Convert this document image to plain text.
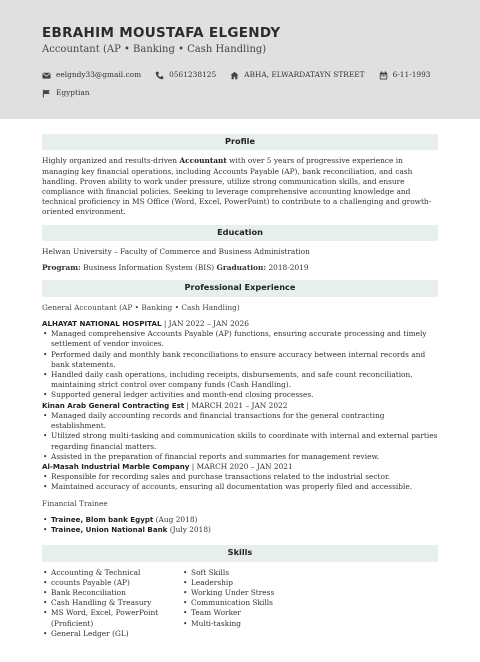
EBRAHIM MOUSTAFA ELGENDY
Accountant (AP • Banking • Cash Handling)
eelgndy33@gmail.com	0561238125	ABHA, ELWARDATAYN STREET	6-11-1993
Egyptian
Profile

Highly organized and results-driven Accountant with over 5 years of progressive experience in managing key financial operations, including Accounts Payable (AP), bank reconciliation, and cash handling. Proven ability to work under pressure, utilize strong communication skills, and ensure compliance with financial policies. Seeking to leverage comprehensive accounting knowledge and technical proficiency in MS Office (Word, Excel, PowerPoint) to contribute to a challenging and growth-oriented environment.

Education

Helwan University – Faculty of Commerce and Business Administration

Program: Business Information System (BIS) Graduation: 2018-2019

Professional Experience

General Accountant (AP • Banking • Cash Handling)

ALHAYAT NATIONAL HOSPITAL | JAN 2022 – JAN 2026
• Managed comprehensive Accounts Payable (AP) functions, ensuring accurate processing and timely settlement of vendor invoices.
• Performed daily and monthly bank reconciliations to ensure accuracy between internal records and bank statements.
• Handled daily cash operations, including receipts, disbursements, and safe count reconciliation, maintaining strict control over company funds (Cash Handling).
• Supported general ledger activities and month-end closing processes.
Kinan Arab General Contracting Est | MARCH 2021 – JAN 2022
• Managed daily accounting records and financial transactions for the general contracting establishment.
• Utilized strong multi-tasking and communication skills to coordinate with internal and external parties regarding financial matters.
• Assisted in the preparation of financial reports and summaries for management review.
Al-Masah Industrial Marble Company | MARCH 2020 – JAN 2021
• Responsible for recording sales and purchase transactions related to the industrial sector.
• Maintained accuracy of accounts, ensuring all documentation was properly filed and accessible.

Financial Trainee

• Trainee, Blom bank Egypt (Aug 2018)
• Trainee, Union National Bank (July 2018)
Skills
• Accounting & Technical
• ccounts Payable (AP)
• Bank Reconciliation
• Cash Handling & Treasury
• MS Word, Excel, PowerPoint (Proficient)
• General Ledger (GL)
• Soft Skills
• Leadership
• Working Under Stress
• Communication Skills
• Team Worker
• Multi-tasking
